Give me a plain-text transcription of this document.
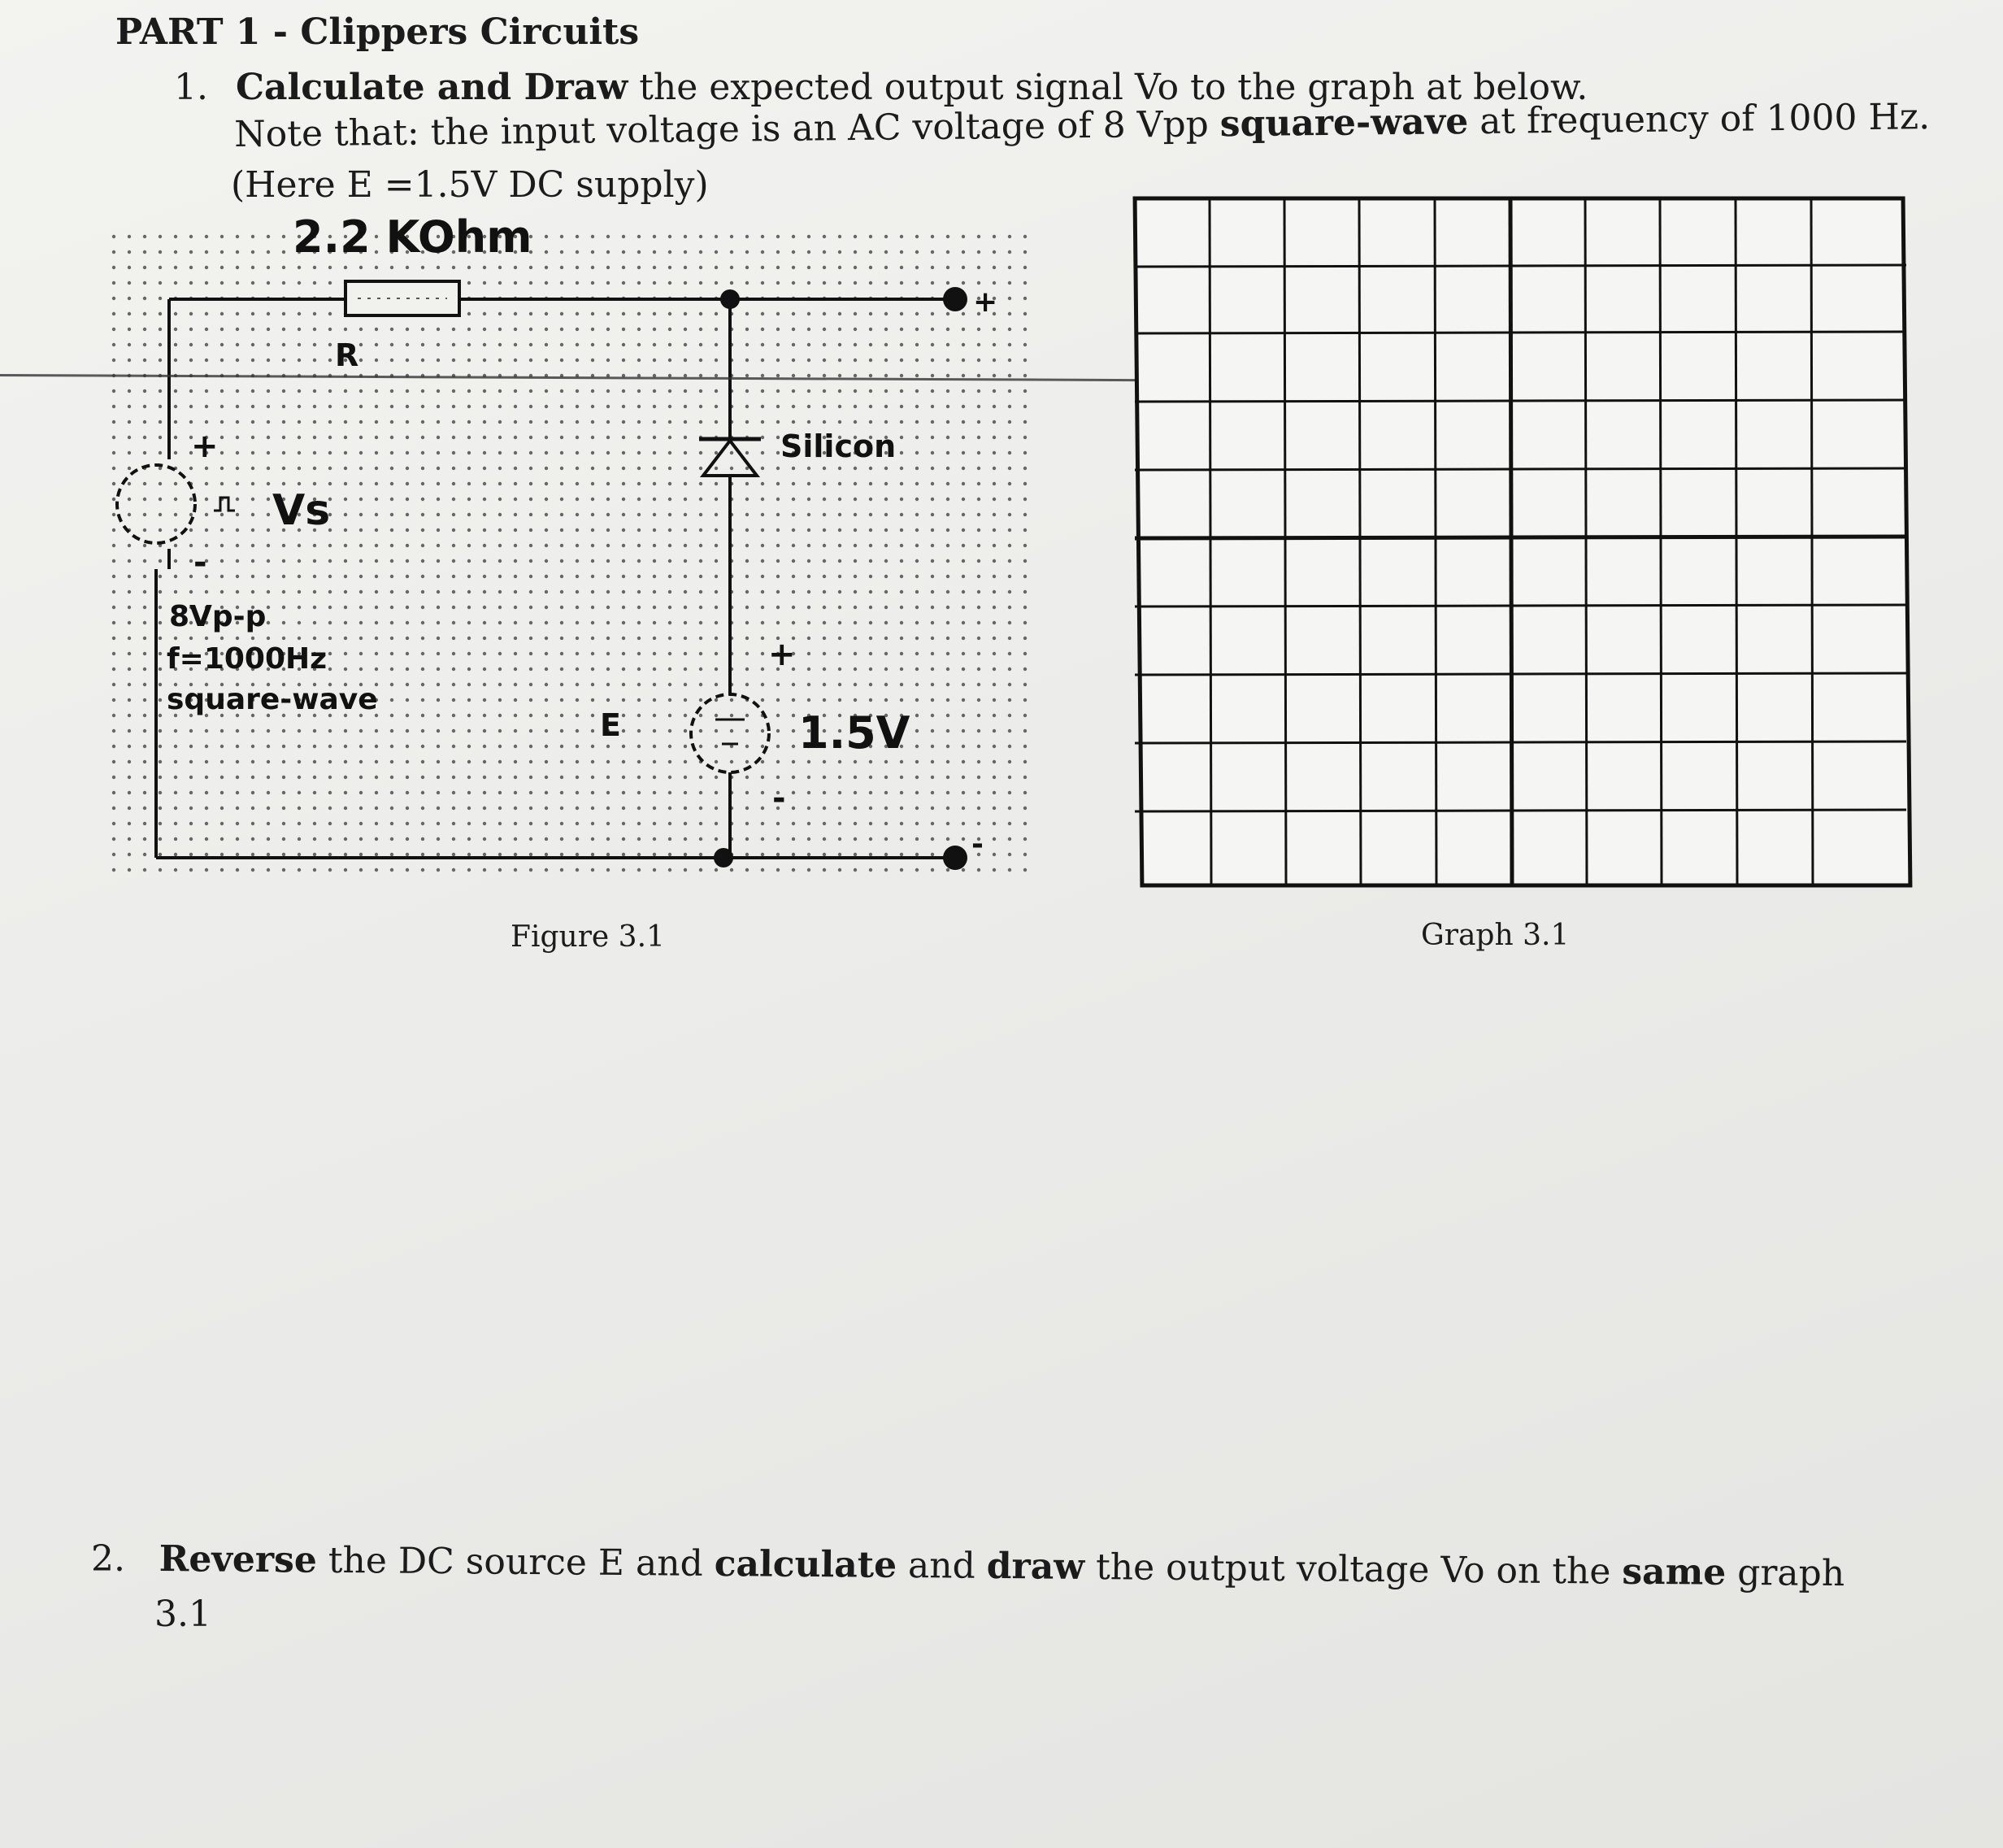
PART 1 - Clippers Circuits
1. Calculate and Draw the expected output signal Vo to the graph at below.
Note that: the input voltage is an AC voltage of 8 Vpp square-wave at frequency of 1000 Hz.
(Here E =1.5V DC supply)
2.2 KOhm
R
+
-
Vs
8Vp-p
f=1000Hz
square-wave
Silicon
+
-
1.5V
E
+
-
Figure 3.1	Graph 3.1
2. Reverse the DC source E and calculate and draw the output voltage Vo on the same graph
3.1
